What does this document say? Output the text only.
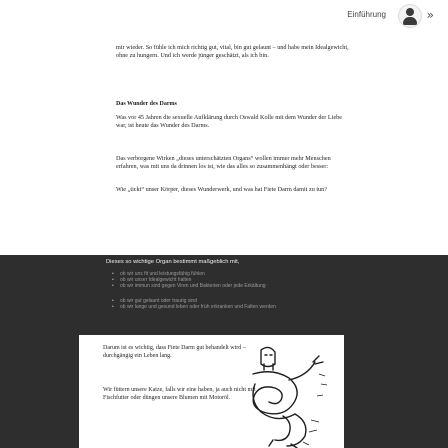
Einführung	»

mir wieder. So fühle ich mich richtig gut, vital, bin gut gelaunt – und habe mein Idealgewicht, ohne zu hungern. Und ich werde jünger geschätzt, als ich bin.

Das Wunder des Darms

Was vor 45 Jahren die sexuelle Aufklärung durch Oswald Kolle mit dem Wunder der Liebe war, ist heute das Wunder des Darms.

Das verborgene Wirken „dieses unterschätzten Organs“ wollen immer mehr Menschen erfahren, was mit uns da drinnen los ist, wie das alles so zusammenhängt oder besser:

Wie „tickt“ unser Körper, dieses Wunderwerk, und was hat Fiete Darm damit zu tun?

Dieses so wichtige Organ bestimmt maßgeblich mit,
• ob wir uns fit und leistungsfähig fühlen
• ob wir unser Idealgewicht halten
• ob wir immun sind gegen Viren und Bakterien oder jede Erkältung
• ob wir gut gelaunt oder traurig sind
• ob wir lange und gesund leben oder früh erkranken und Falten werden

Darum ist es wichtig, dass Fiete Darm gut behandelt wird – durchgängig ein Leben lang.

Wir füttern unsere Katze, falls wir eine haben, ja auch nicht mit Fischfutter oder düngen unsere Blumen mit Motoröl.
